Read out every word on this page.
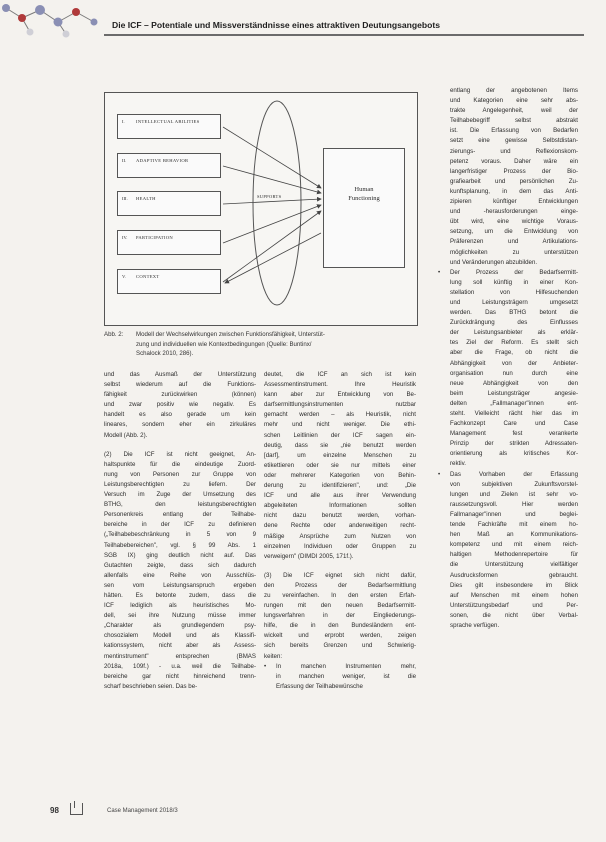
Die ICF – Potentiale und Missverständnisse eines attraktiven Deutungsangebots
I. INTELLECTUAL ABILITIES
II. ADAPTIVE BEHAVIOR
III. HEALTH
IV. PARTICIPATION
V. CONTEXT
SUPPORTS
Human
Functioning
Abb. 2: Modell der Wechselwirkungen zwischen Funktionsfähigkeit, Unterstüt-
zung und individuellen wie Kontextbedingungen (Quelle: Buntinx/
Schalock 2010, 286).
und das Ausmaß der Unterstützung
selbst wiederum auf die Funktions-
fähigkeit zurückwirken (können)
und zwar positiv wie negativ. Es
handelt es also gerade um kein
lineares, sondern eher ein zirkuläres
Modell (Abb. 2).
(2) Die ICF ist nicht geeignet, An-
haltspunkte für die eindeutige Zuord-
nung von Personen zur Gruppe von
Leistungsberechtigten zu liefern. Der
Versuch im Zuge der Umsetzung des
BTHG, den leistungsberechtigten
Personenkreis entlang der Teilhabe-
bereiche in der ICF zu definieren
(„Teilhabebeschränkung in 5 von 9
Teilhabebereichen", vgl. § 99 Abs. 1
SGB IX) ging deutlich nicht auf. Das
Gutachten zeigte, dass sich dadurch
allenfalls eine Reihe von Ausschlüs-
sen vom Leistungsanspruch ergeben
hätten. Es betonte zudem, dass die
ICF lediglich als heuristisches Mo-
dell, sei ihre Nutzung müsse immer
„Charakter als grundlegendem psy-
chosozialem Modell und als Klassifi-
kationssystem, nicht aber als Assess-
mentinstrument" entsprechen (BMAS
2018a, 109f.) - u.a. weil die Teilhabe-
bereiche gar nicht hinreichend trenn-
scharf beschrieben seien. Das be-
deutet, die ICF an sich ist kein
Assessmentinstrument. Ihre Heuristik
kann aber zur Entwicklung von Be-
darfsermittlungsinstrumenten nutzbar
gemacht werden – als Heuristik, nicht
mehr und nicht weniger. Die ethi-
schen Leitlinien der ICF sagen ein-
deutig, dass sie „nie benutzt werden
[darf], um einzelne Menschen zu
etikettieren oder sie nur mittels einer
oder mehrerer Kategorien von Behin-
derung zu identifizieren", und: „Die
ICF und alle aus ihrer Verwendung
abgeleiteten Informationen sollten
nicht dazu benutzt werden, vorhan-
dene Rechte oder anderweitigen recht-
mäßige Ansprüche zum Nutzen von
einzelnen Individuen oder Gruppen zu
verweigern" (DIMDI 2005, 171f.).
(3) Die ICF eignet sich nicht dafür,
den Prozess der Bedarfsermittlung
zu vereinfachen. In den ersten Erfah-
rungen mit den neuen Bedarfsermitt-
lungsverfahren in der Eingliederungs-
hilfe, die in den Bundesländern ent-
wickelt und erprobt werden, zeigen
sich bereits Grenzen und Schwierig-
keiten:
• In manchen Instrumenten mehr,
in manchen weniger, ist die
Erfassung der Teilhabewünsche
entlang der angebotenen Items
und Kategorien eine sehr abs-
trakte Angelegenheit, weil der
Teilhabebegriff selbst abstrakt
ist. Die Erfassung von Bedarfen
setzt eine gewisse Selbstdistan-
zierungs- und Reflexionskom-
petenz voraus. Daher wäre ein
langerfristiger Prozess der Bio-
grafiearbeit und persönlichen Zu-
kunftsplanung, in dem das Anti-
zipieren künftiger Entwicklungen
und -herausforderungen einge-
übt wird, eine wichtige Voraus-
setzung, um die Entwicklung von
Präferenzen und Artikulations-
möglichkeiten zu unterstützen
und Veränderungen abzubilden.
• Der Prozess der Bedarfsermitt-
lung soll künftig in einer Kon-
stellation von Hilfesuchenden
und Leistungsträgern umgesetzt
werden. Das BTHG betont die
Zurückdrängung des Einflusses
der Leistungsanbieter als erklär-
tes Ziel der Reform. Es stellt sich
aber die Frage, ob nicht die
Abhängigkeit von der Anbieter-
organisation nun durch eine
neue Abhängigkeit von den
beim Leistungsträger angesie-
delten „Fallmanager"innen ent-
steht. Vielleicht rächt hier das im
Fachkonzept Care und Case
Management fest verankerte
Prinzip der strikten Adressaten-
orientierung als kritisches Kor-
rektiv.
• Das Vorhaben der Erfassung
von subjektiven Zukunftsvorstel-
lungen und Zielen ist sehr vo-
raussetzungsvoll. Hier werden
Fallmanager"innen und beglei-
tende Fachkräfte mit einem ho-
hen Maß an Kommunikations-
kompetenz und mit einem reich-
haltigen Methodenrepertoire für
die Unterstützung vielfältiger
Ausdrucksformen gebraucht.
Dies gilt insbesondere im Blick
auf Menschen mit einem hohen
Unterstützungsbedarf und Per-
sonen, die nicht über Verbal-
sprache verfügen.
98	Case Management 2018/3
